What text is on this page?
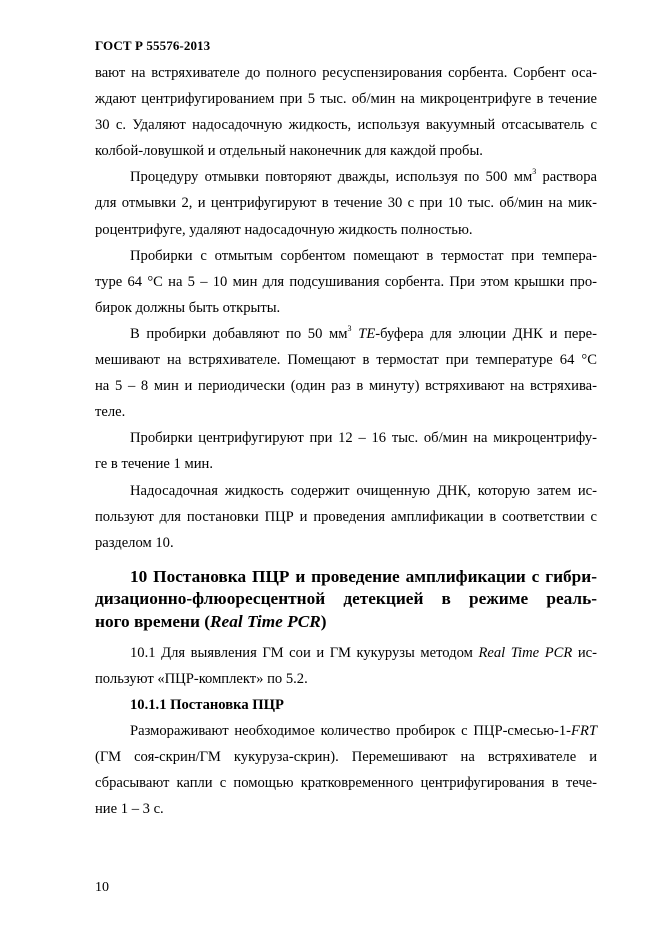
ГОСТ Р 55576-2013

вают на встряхивателе до полного ресуспензирования сорбента. Сорбент оса-
ждают центрифугированием при 5 тыс. об/мин на микроцентрифуге в течение
30 с. Удаляют надосадочную жидкость, используя вакуумный отсасыватель с
колбой-ловушкой и отдельный наконечник для каждой пробы.

Процедуру отмывки повторяют дважды, используя по 500 $мм^3$ раствора
для отмывки 2, и центрифугируют в течение 30 с при 10 тыс. об/мин на мик-
роцентрифуге, удаляют надосадочную жидкость полностью.

Пробирки с отмытым сорбентом помещают в термостат при темпера-
туре 64 °С на 5 – 10 мин для подсушивания сорбента. При этом крышки про-
бирок должны быть открыты.

В пробирки добавляют по 50 $мм^3$ TE-буфера для элюции ДНК и пере-
мешивают на встряхивателе. Помещают в термостат при температуре 64 °С
на 5 – 8 мин и периодически (один раз в минуту) встряхивают на встряхива-
теле.

Пробирки центрифугируют при 12 – 16 тыс. об/мин на микроцентрифу-
ге в течение 1 мин.

Надосадочная жидкость содержит очищенную ДНК, которую затем ис-
пользуют для постановки ПЦР и проведения амплификации в соответствии с
разделом 10.

10 Постановка ПЦР и проведение амплификации с гибри-
дизационно-флюоресцентной детекцией в режиме реаль-
ного времени (Real Time PCR)

10.1 Для выявления ГМ сои и ГМ кукурузы методом Real Time PCR ис-
пользуют «ПЦР-комплект» по 5.2.

10.1.1 Постановка ПЦР

Размораживают необходимое количество пробирок с ПЦР-смесью-1-FRT
(ГМ соя-скрин/ГМ кукуруза-скрин). Перемешивают на встряхивателе и
сбрасывают капли с помощью кратковременного центрифугирования в тече-
ние 1 – 3 с.

10
